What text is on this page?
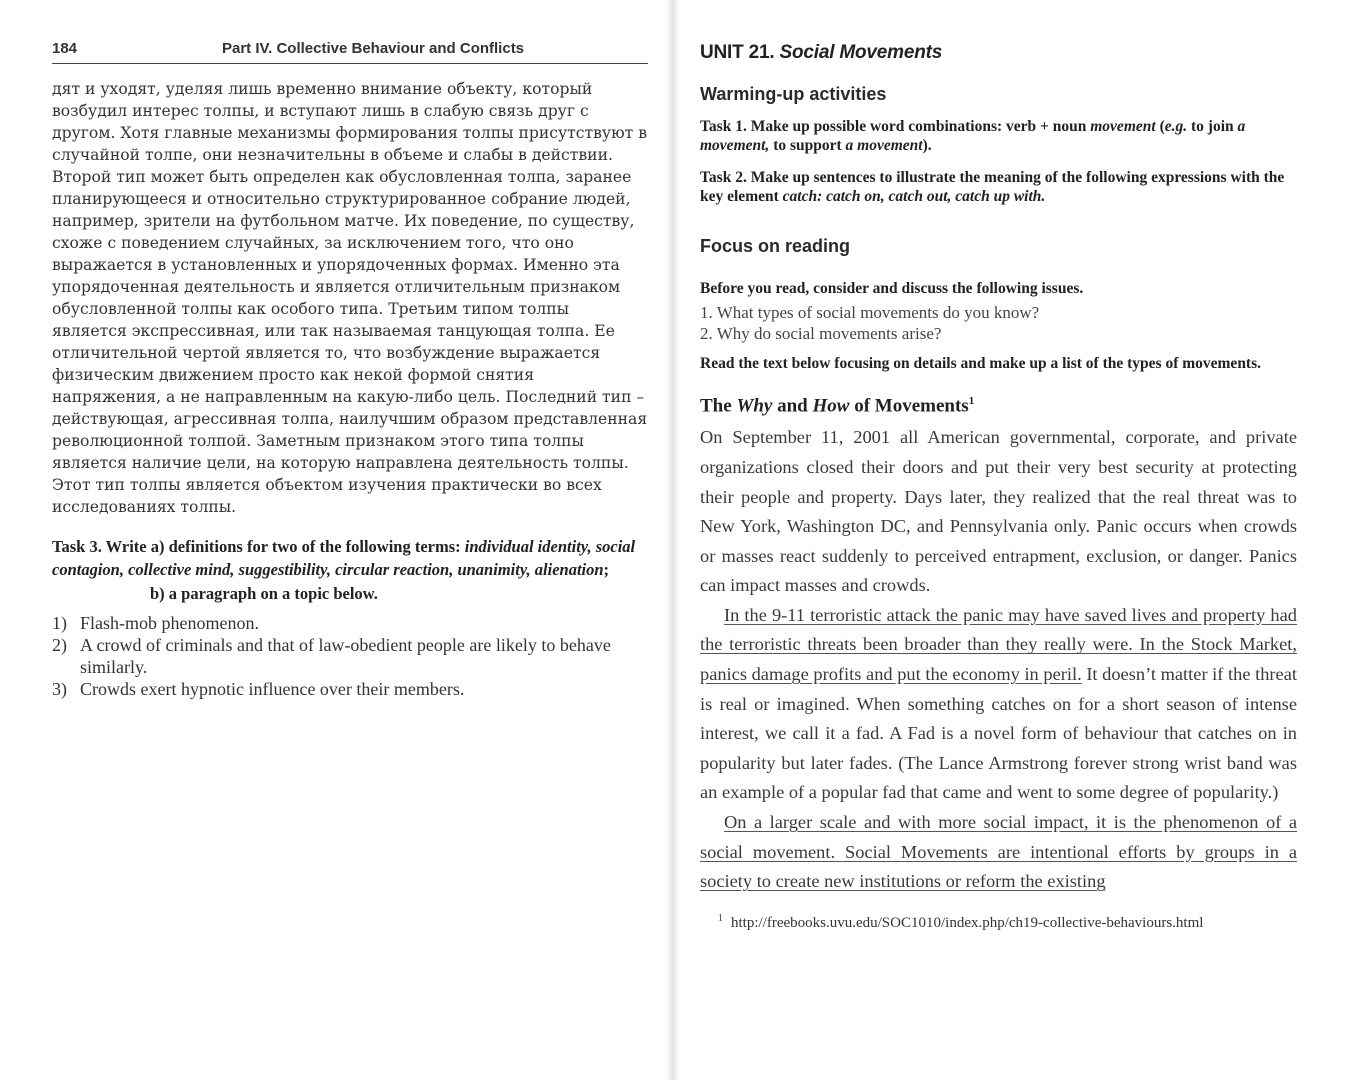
184	Part IV. Collective Behaviour and Conflicts
дят и уходят, уделяя лишь временно внимание объекту, который возбудил интерес толпы, и вступают лишь в слабую связь друг с другом. Хотя главные механизмы формирования толпы присутствуют в случайной толпе, они незначительны в объеме и слабы в действии. Второй тип может быть определен как обусловленная толпа, заранее планирующееся и относительно структурированное собрание людей, например, зрители на футбольном матче. Их поведение, по существу, схоже с поведением случайных, за исключением того, что оно выражается в установленных и упорядоченных формах. Именно эта упорядоченная деятельность и является отличительным признаком обусловленной толпы как особого типа. Третьим типом толпы является экспрессивная, или так называемая танцующая толпа. Ее отличительной чертой является то, что возбуждение выражается физическим движением просто как некой формой снятия напряжения, а не направленным на какую-либо цель. Последний тип – действующая, агрессивная толпа, наилучшим образом представленная революционной толпой. Заметным признаком этого типа толпы является наличие цели, на которую направлена деятельность толпы. Этот тип толпы является объектом изучения практически во всех исследованиях толпы.
Task 3. Write a) definitions for two of the following terms: individual identity, social contagion, collective mind, suggestibility, circular reaction, unanimity, alienation;
b) a paragraph on a topic below.
1) Flash-mob phenomenon.
2) A crowd of criminals and that of law-obedient people are likely to behave similarly.
3) Crowds exert hypnotic influence over their members.
UNIT 21. Social Movements
Warming-up activities
Task 1. Make up possible word combinations: verb + noun movement (e.g. to join a movement, to support a movement).
Task 2. Make up sentences to illustrate the meaning of the following expressions with the key element catch: catch on, catch out, catch up with.
Focus on reading
Before you read, consider and discuss the following issues.
1. What types of social movements do you know?
2. Why do social movements arise?
Read the text below focusing on details and make up a list of the types of movements.
The Why and How of Movements$^1$

On September 11, 2001 all American governmental, corporate, and private organizations closed their doors and put their very best security at protecting their people and property. Days later, they realized that the real threat was to New York, Washington DC, and Pennsylvania only. Panic occurs when crowds or masses react suddenly to perceived entrapment, exclusion, or danger. Panics can impact masses and crowds.

In the 9-11 terroristic attack the panic may have saved lives and property had the terroristic threats been broader than they really were. In the Stock Market, panics damage profits and put the economy in peril. It doesn’t matter if the threat is real or imagined. When something catches on for a short season of intense interest, we call it a fad. A Fad is a novel form of behaviour that catches on in popularity but later fades. (The Lance Armstrong forever strong wrist band was an example of a popular fad that came and went to some degree of popularity.)

On a larger scale and with more social impact, it is the phenomenon of a social movement. Social Movements are intentional efforts by groups in a society to create new institutions or reform the existing

$^1$ http://freebooks.uvu.edu/SOC1010/index.php/ch19-collective-behaviours.html
